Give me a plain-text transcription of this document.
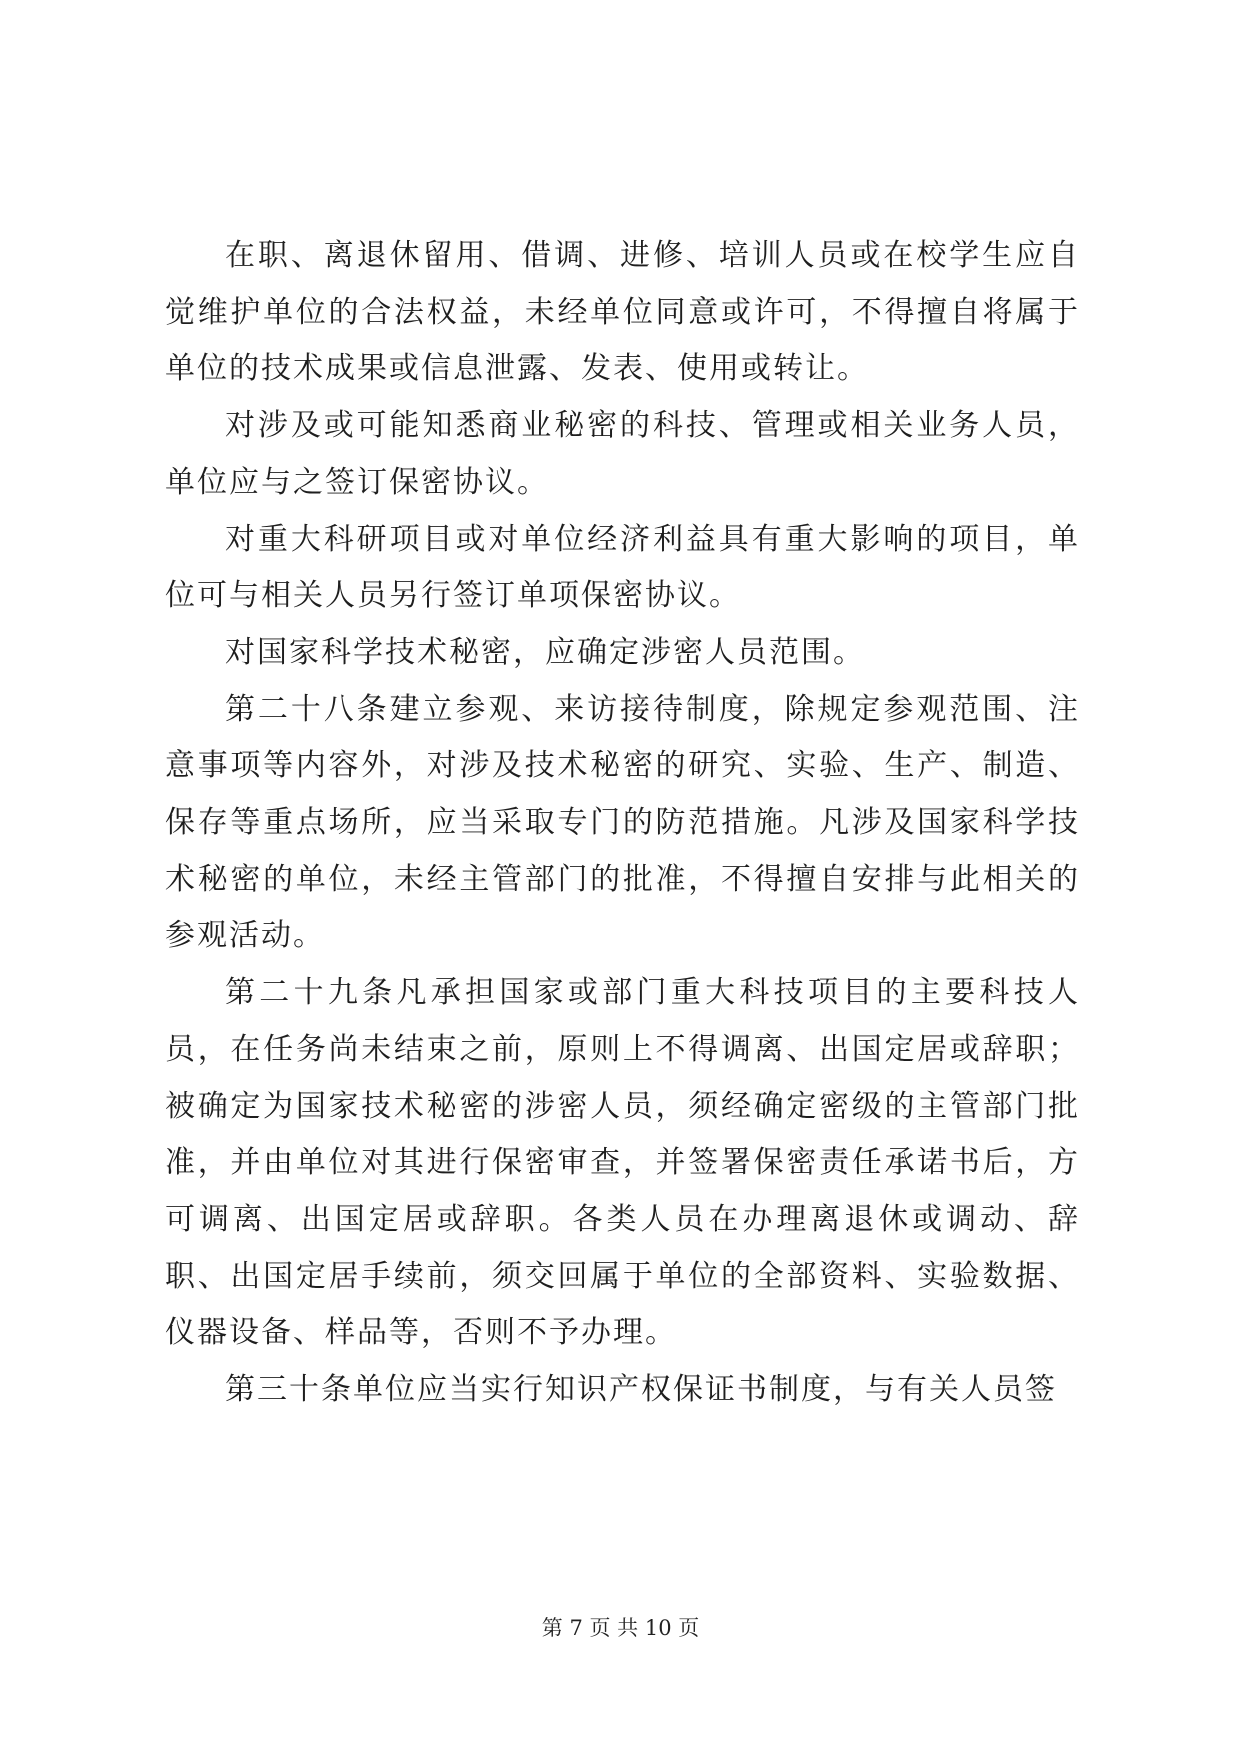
在职、离退休留用、借调、进修、培训人员或在校学生应自觉维护单位的合法权益，未经单位同意或许可，不得擅自将属于单位的技术成果或信息泄露、发表、使用或转让。

对涉及或可能知悉商业秘密的科技、管理或相关业务人员，单位应与之签订保密协议。

对重大科研项目或对单位经济利益具有重大影响的项目，单位可与相关人员另行签订单项保密协议。

对国家科学技术秘密，应确定涉密人员范围。

第二十八条建立参观、来访接待制度，除规定参观范围、注意事项等内容外，对涉及技术秘密的研究、实验、生产、制造、保存等重点场所，应当采取专门的防范措施。凡涉及国家科学技术秘密的单位，未经主管部门的批准，不得擅自安排与此相关的参观活动。

第二十九条凡承担国家或部门重大科技项目的主要科技人员，在任务尚未结束之前，原则上不得调离、出国定居或辞职；被确定为国家技术秘密的涉密人员，须经确定密级的主管部门批准，并由单位对其进行保密审查，并签署保密责任承诺书后，方可调离、出国定居或辞职。各类人员在办理离退休或调动、辞职、出国定居手续前，须交回属于单位的全部资料、实验数据、仪器设备、样品等，否则不予办理。

第三十条单位应当实行知识产权保证书制度，与有关人员签

第 7 页 共 10 页
